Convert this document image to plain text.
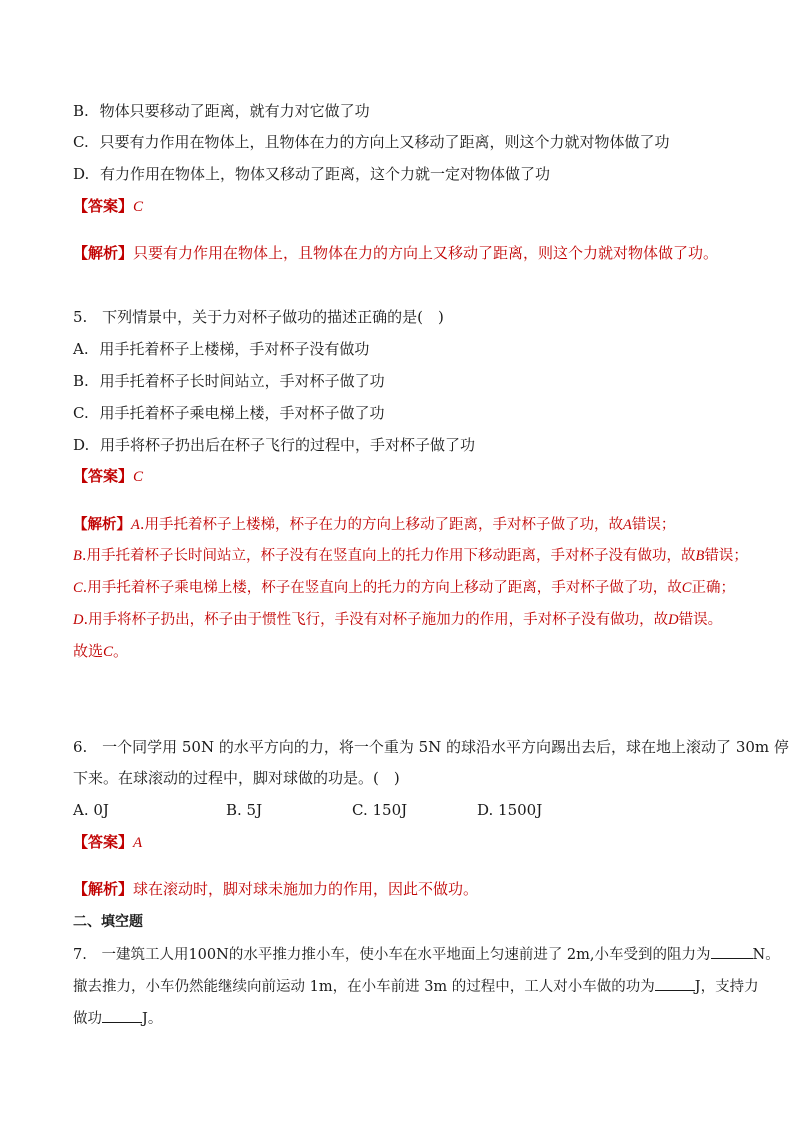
B. 物体只要移动了距离，就有力对它做了功
C. 只要有力作用在物体上，且物体在力的方向上又移动了距离，则这个力就对物体做了功
D. 有力作用在物体上，物体又移动了距离，这个力就一定对物体做了功
【答案】C
【解析】只要有力作用在物体上，且物体在力的方向上又移动了距离，则这个力就对物体做了功。
5. 下列情景中，关于力对杯子做功的描述正确的是(　)
A. 用手托着杯子上楼梯，手对杯子没有做功
B. 用手托着杯子长时间站立，手对杯子做了功
C. 用手托着杯子乘电梯上楼，手对杯子做了功
D. 用手将杯子扔出后在杯子飞行的过程中，手对杯子做了功
【答案】C
【解析】A.用手托着杯子上楼梯，杯子在力的方向上移动了距离，手对杯子做了功，故A错误；
B.用手托着杯子长时间站立，杯子没有在竖直向上的托力作用下移动距离，手对杯子没有做功，故B错误；
C.用手托着杯子乘电梯上楼，杯子在竖直向上的托力的方向上移动了距离，手对杯子做了功，故C正确；
D.用手将杯子扔出，杯子由于惯性飞行，手没有对杯子施加力的作用，手对杯子没有做功，故D错误。
故选C。
6. 一个同学用 50N 的水平方向的力，将一个重为 5N 的球沿水平方向踢出去后，球在地上滚动了 30m 停
下来。在球滚动的过程中，脚对球做的功是。(　)
A. 0J	B. 5J	C. 150J	D. 1500J
【答案】A
【解析】球在滚动时，脚对球未施加力的作用，因此不做功。
二、填空题
7. 一建筑工人用100N的水平推力推小车，使小车在水平地面上匀速前进了 2m,小车受到的阻力为	N。
撤去推力，小车仍然能继续向前运动 1m，在小车前进 3m 的过程中，工人对小车做的功为	J，支持力
做功	J。
